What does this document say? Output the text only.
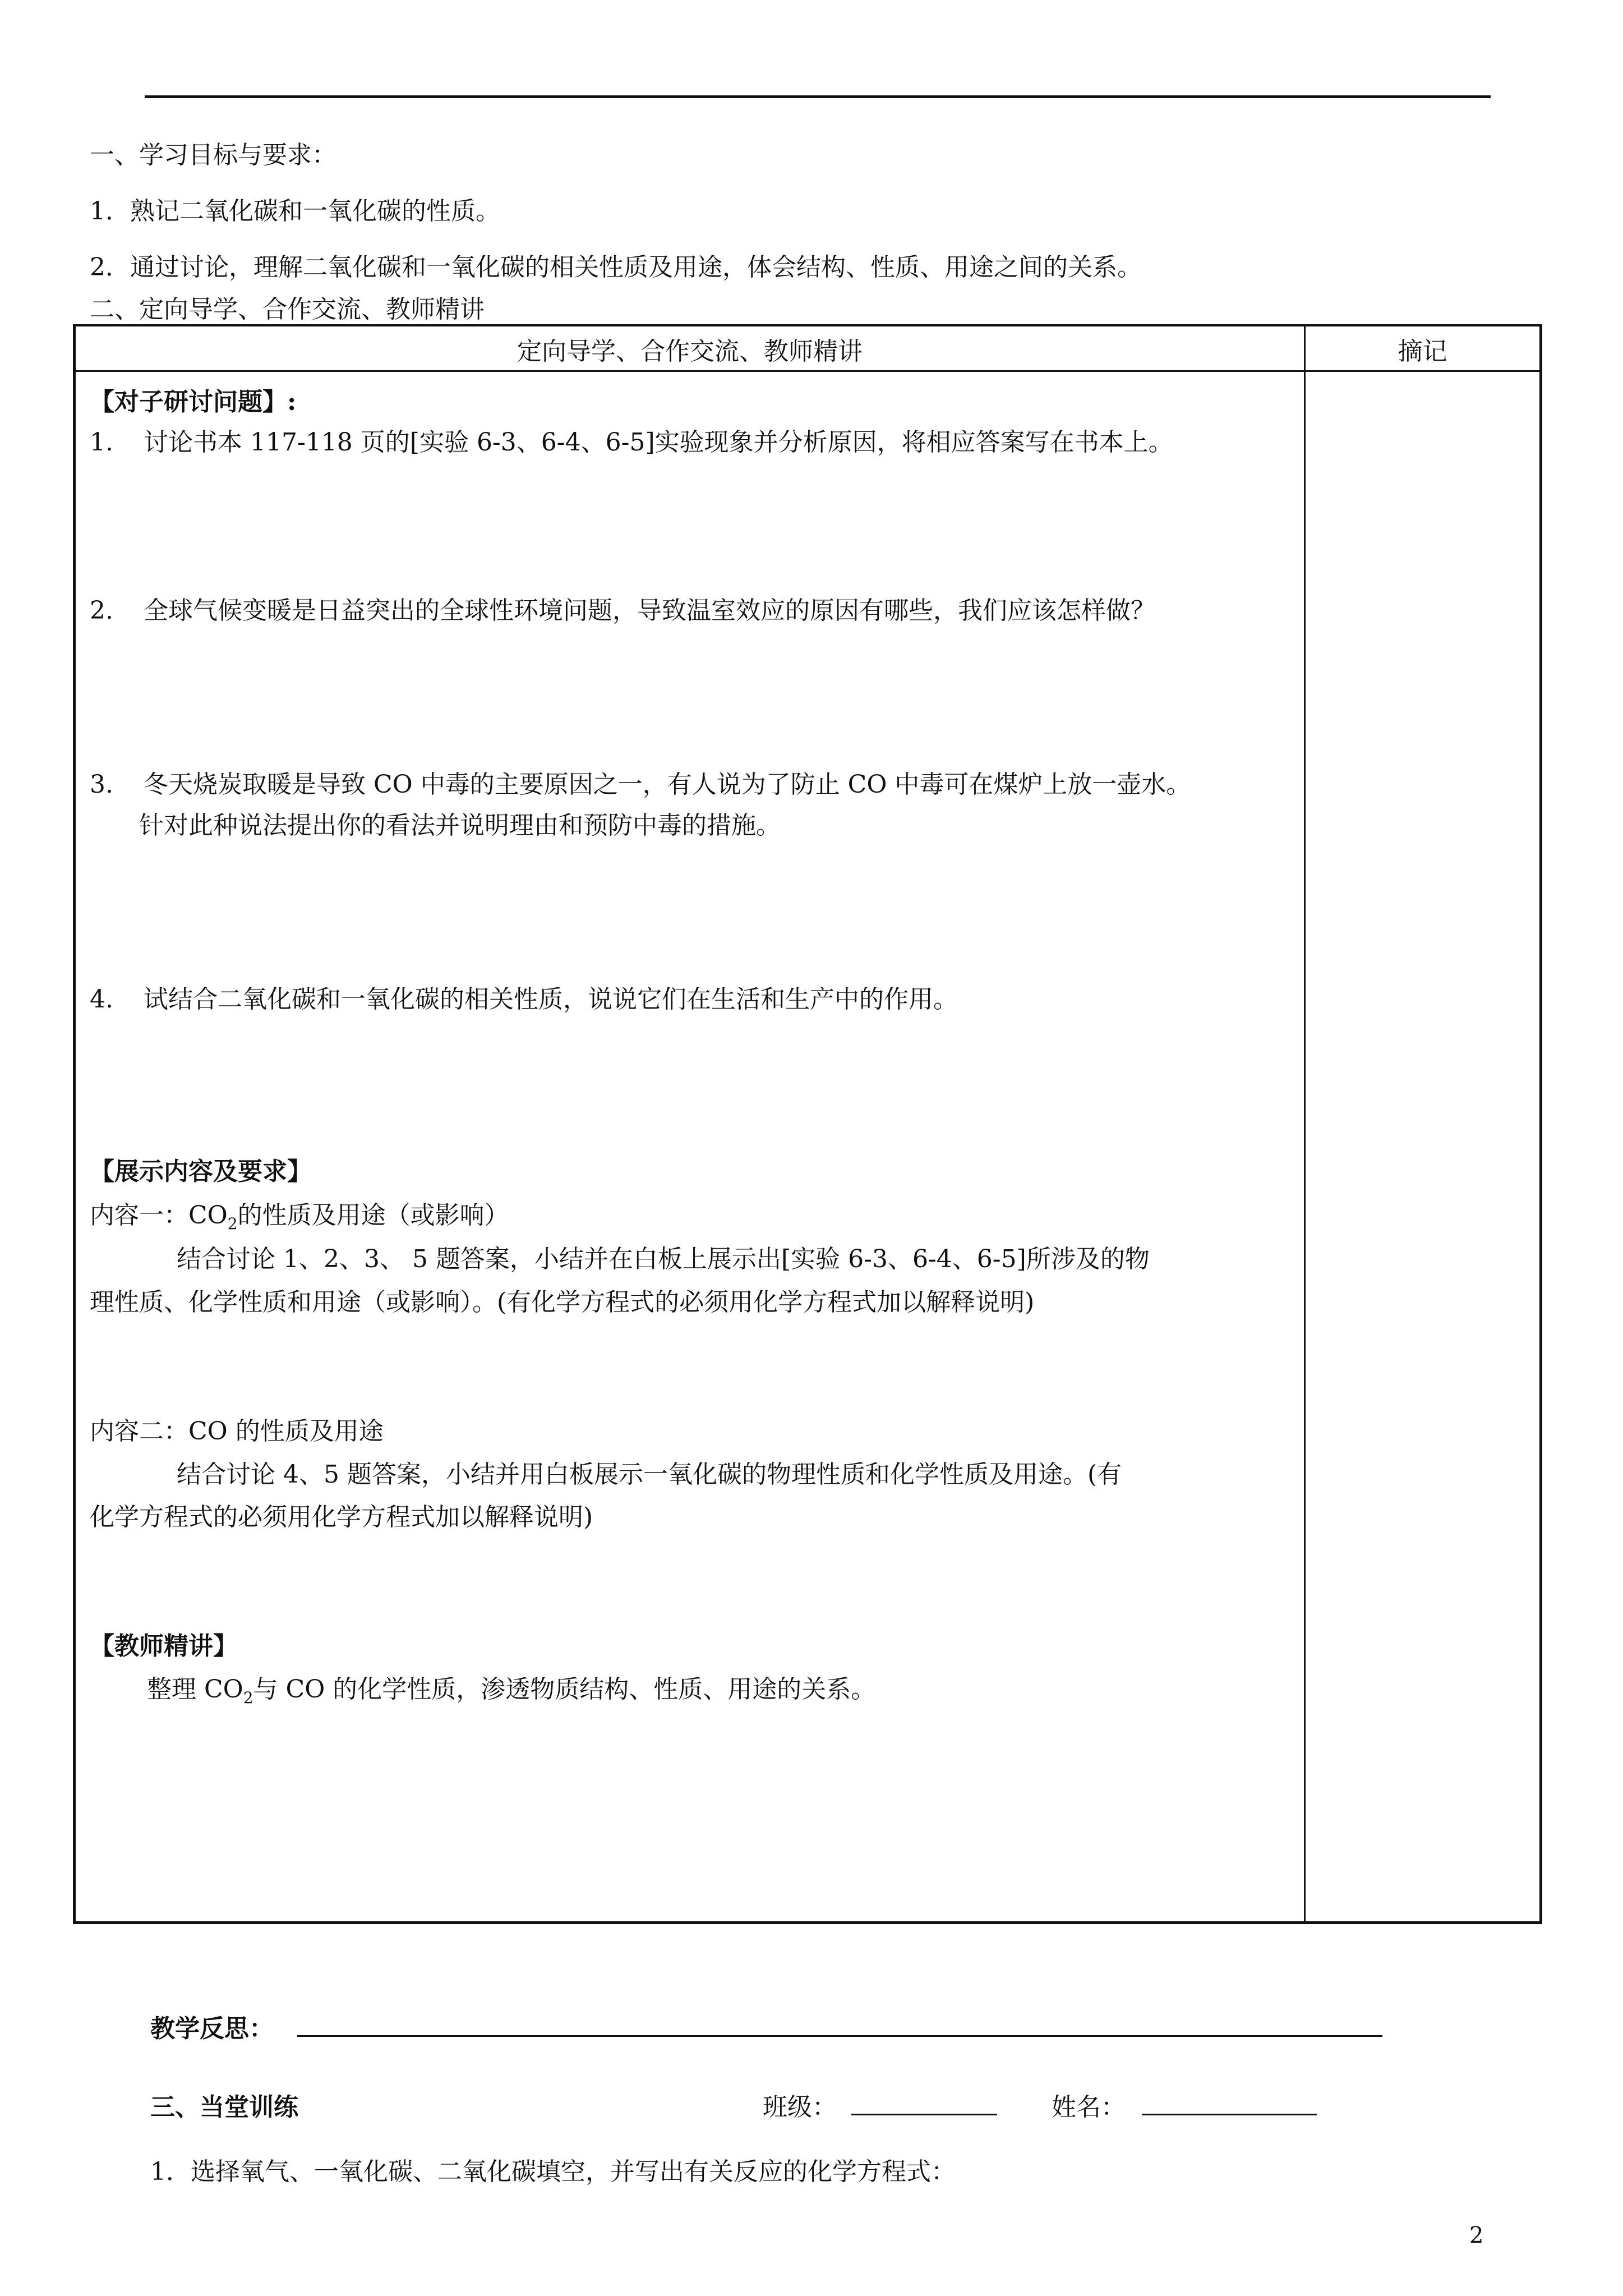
一、学习目标与要求：
1．熟记二氧化碳和一氧化碳的性质。
2．通过讨论，理解二氧化碳和一氧化碳的相关性质及用途，体会结构、性质、用途之间的关系。
二、定向导学、合作交流、教师精讲
定向导学、合作交流、教师精讲	摘记
【对子研讨问题】:
1. 讨论书本 117-118 页的[实验 6-3、6-4、6-5]实验现象并分析原因，将相应答案写在书本上。
2. 全球气候变暖是日益突出的全球性环境问题，导致温室效应的原因有哪些，我们应该怎样做？
3. 冬天烧炭取暖是导致 CO 中毒的主要原因之一，有人说为了防止 CO 中毒可在煤炉上放一壶水。
针对此种说法提出你的看法并说明理由和预防中毒的措施。
4. 试结合二氧化碳和一氧化碳的相关性质，说说它们在生活和生产中的作用。
【展示内容及要求】
内容一：$CO_2$的性质及用途（或影响）
结合讨论 1、2、3、 5 题答案，小结并在白板上展示出[实验 6-3、6-4、6-5]所涉及的物
理性质、化学性质和用途（或影响）。(有化学方程式的必须用化学方程式加以解释说明)
内容二：CO 的性质及用途
结合讨论 4、5 题答案，小结并用白板展示一氧化碳的物理性质和化学性质及用途。(有
化学方程式的必须用化学方程式加以解释说明)
【教师精讲】
整理 $CO_2$与 CO 的化学性质，渗透物质结构、性质、用途的关系。
教学反思：
三、当堂训练	班级：	姓名：
1．选择氧气、一氧化碳、二氧化碳填空，并写出有关反应的化学方程式：
2
